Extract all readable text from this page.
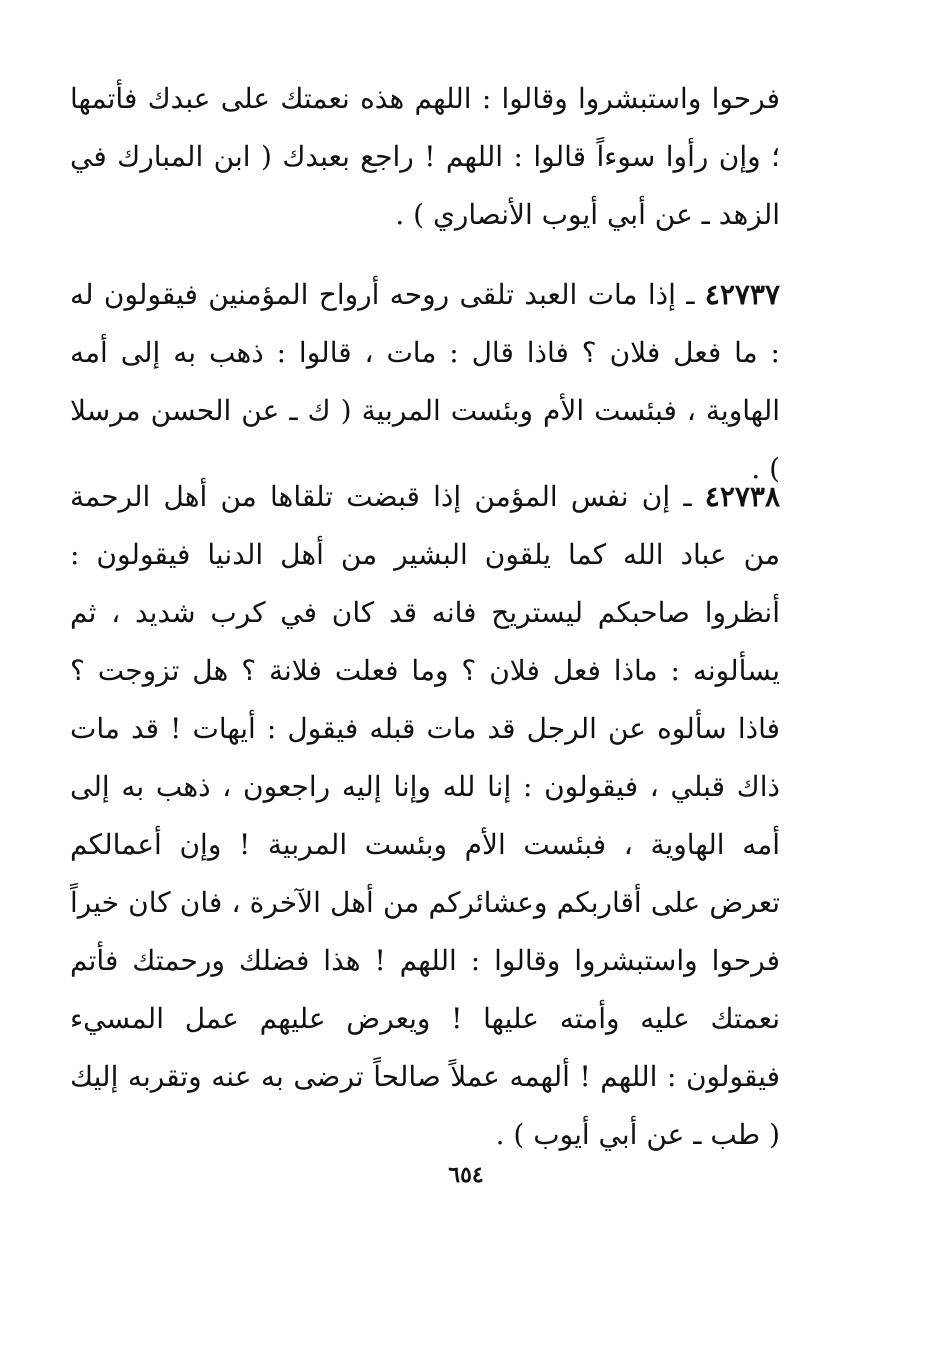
فرحوا واستبشروا وقالوا : اللهم هذه نعمتك على عبدك فأتمها ؛ وإن رأوا سوءاً قالوا : اللهم ! راجع بعبدك ( ابن المبارك في الزهد ـ عن أبي أيوب الأنصاري ) .

٤٢٧٣٧ ـ إذا مات العبد تلقى روحه أرواح المؤمنين فيقولون له : ما فعل فلان ؟ فاذا قال : مات ، قالوا : ذهب به إلى أمه الهاوية ، فبئست الأم وبئست المربية ( ك ـ عن الحسن مرسلا ) .

٤٢٧٣٨ ـ إن نفس المؤمن إذا قبضت تلقاها من أهل الرحمة من عباد الله كما يلقون البشير من أهل الدنيا فيقولون : أنظروا صاحبكم ليستريح فانه قد كان في كرب شديد ، ثم يسألونه : ماذا فعل فلان ؟ وما فعلت فلانة ؟ هل تزوجت ؟ فاذا سألوه عن الرجل قد مات قبله فيقول : أيهات ! قد مات ذاك قبلي ، فيقولون : إنا لله وإنا إليه راجعون ، ذهب به إلى أمه الهاوية ، فبئست الأم وبئست المربية ! وإن أعمالكم تعرض على أقاربكم وعشائركم من أهل الآخرة ، فان كان خيراً فرحوا واستبشروا وقالوا : اللهم ! هذا فضلك ورحمتك فأتم نعمتك عليه وأمته عليها ! ويعرض عليهم عمل المسيء فيقولون : اللهم ! ألهمه عملاً صالحاً ترضى به عنه وتقربه إليك ( طب ـ عن أبي أيوب ) .

٦٥٤
